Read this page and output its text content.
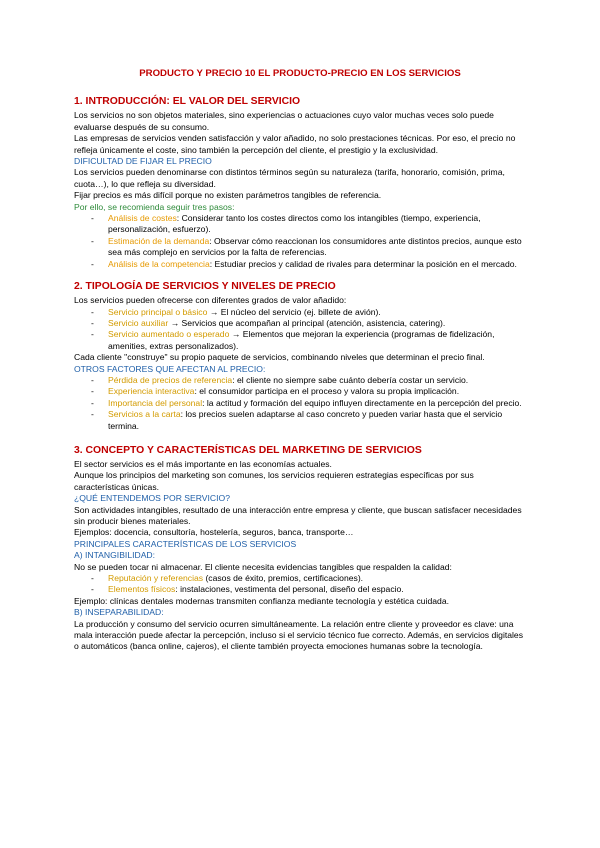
PRODUCTO Y PRECIO 10 EL PRODUCTO-PRECIO EN LOS SERVICIOS
1. INTRODUCCIÓN: EL VALOR DEL SERVICIO

Los servicios no son objetos materiales, sino experiencias o actuaciones cuyo valor muchas veces solo puede evaluarse después de su consumo.

Las empresas de servicios venden satisfacción y valor añadido, no solo prestaciones técnicas. Por eso, el precio no refleja únicamente el coste, sino también la percepción del cliente, el prestigio y la exclusividad.

DIFICULTAD DE FIJAR EL PRECIO

Los servicios pueden denominarse con distintos términos según su naturaleza (tarifa, honorario, comisión, prima, cuota…), lo que refleja su diversidad.

Fijar precios es más difícil porque no existen parámetros tangibles de referencia.

Por ello, se recomienda seguir tres pasos:

- Análisis de costes: Considerar tanto los costes directos como los intangibles (tiempo, experiencia, personalización, esfuerzo).
- Estimación de la demanda: Observar cómo reaccionan los consumidores ante distintos precios, aunque esto sea más complejo en servicios por la falta de referencias.
- Análisis de la competencia: Estudiar precios y calidad de rivales para determinar la posición en el mercado.
2. TIPOLOGÍA DE SERVICIOS Y NIVELES DE PRECIO

Los servicios pueden ofrecerse con diferentes grados de valor añadido:

- Servicio principal o básico → El núcleo del servicio (ej. billete de avión).
- Servicio auxiliar → Servicios que acompañan al principal (atención, asistencia, catering).
- Servicio aumentado o esperado → Elementos que mejoran la experiencia (programas de fidelización, amenities, extras personalizados).

Cada cliente "construye" su propio paquete de servicios, combinando niveles que determinan el precio final.

OTROS FACTORES QUE AFECTAN AL PRECIO:

- Pérdida de precios de referencia: el cliente no siempre sabe cuánto debería costar un servicio.
- Experiencia interactiva: el consumidor participa en el proceso y valora su propia implicación.
- Importancia del personal: la actitud y formación del equipo influyen directamente en la percepción del precio.
- Servicios a la carta: los precios suelen adaptarse al caso concreto y pueden variar hasta que el servicio termina.
3. CONCEPTO Y CARACTERÍSTICAS DEL MARKETING DE SERVICIOS

El sector servicios es el más importante en las economías actuales.

Aunque los principios del marketing son comunes, los servicios requieren estrategias específicas por sus características únicas.

¿QUÉ ENTENDEMOS POR SERVICIO?

Son actividades intangibles, resultado de una interacción entre empresa y cliente, que buscan satisfacer necesidades sin producir bienes materiales.

Ejemplos: docencia, consultoría, hostelería, seguros, banca, transporte…

PRINCIPALES CARACTERÍSTICAS DE LOS SERVICIOS

A) INTANGIBILIDAD:

No se pueden tocar ni almacenar. El cliente necesita evidencias tangibles que respalden la calidad:

- Reputación y referencias (casos de éxito, premios, certificaciones).
- Elementos físicos: instalaciones, vestimenta del personal, diseño del espacio.

Ejemplo: clínicas dentales modernas transmiten confianza mediante tecnología y estética cuidada.

B) INSEPARABILIDAD:

La producción y consumo del servicio ocurren simultáneamente. La relación entre cliente y proveedor es clave: una mala interacción puede afectar la percepción, incluso si el servicio técnico fue correcto. Además, en servicios digitales o automáticos (banca online, cajeros), el cliente también proyecta emociones humanas sobre la tecnología.
